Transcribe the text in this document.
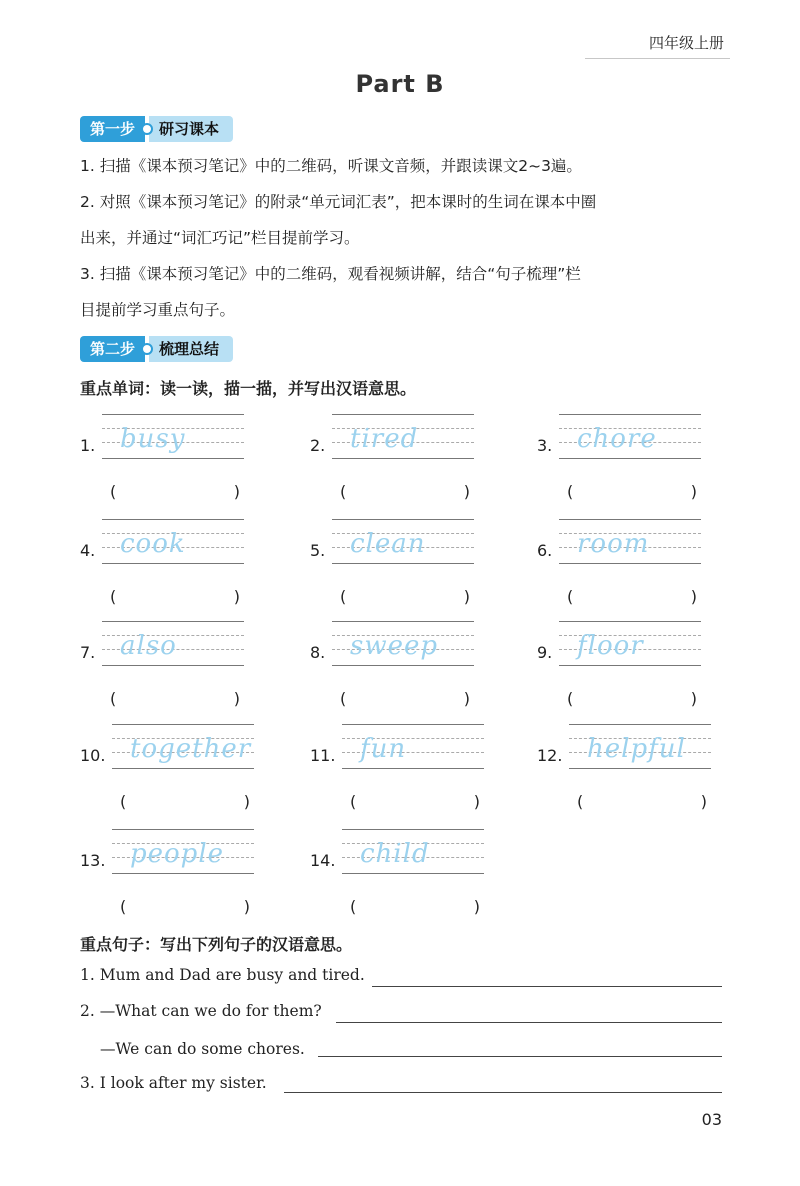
四年级上册
Part B
第一步	研习课本
1. 扫描《课本预习笔记》中的二维码，听课文音频，并跟读课文2~3遍。
2. 对照《课本预习笔记》的附录“单元词汇表”，把本课时的生词在课本中圈
出来，并通过“词汇巧记”栏目提前学习。
3. 扫描《课本预习笔记》中的二维码，观看视频讲解，结合“句子梳理”栏
目提前学习重点句子。
第二步	梳理总结
重点单词：读一读，描一描，并写出汉语意思。
1. busy
(	)
2. tired
(	)
3. chore
(	)
4. cook
(	)
5. clean
(	)
6. room
(	)
7. also
(	)
8. sweep
(	)
9. floor
(	)
10. together
(	)
11. fun
(	)
12. helpful
(	)
13. people
(	)
14. child
(	)
重点句子：写出下列句子的汉语意思。
1. Mum and Dad are busy and tired.
2. —What can we do for them?
—We can do some chores.
3. I look after my sister.
03
